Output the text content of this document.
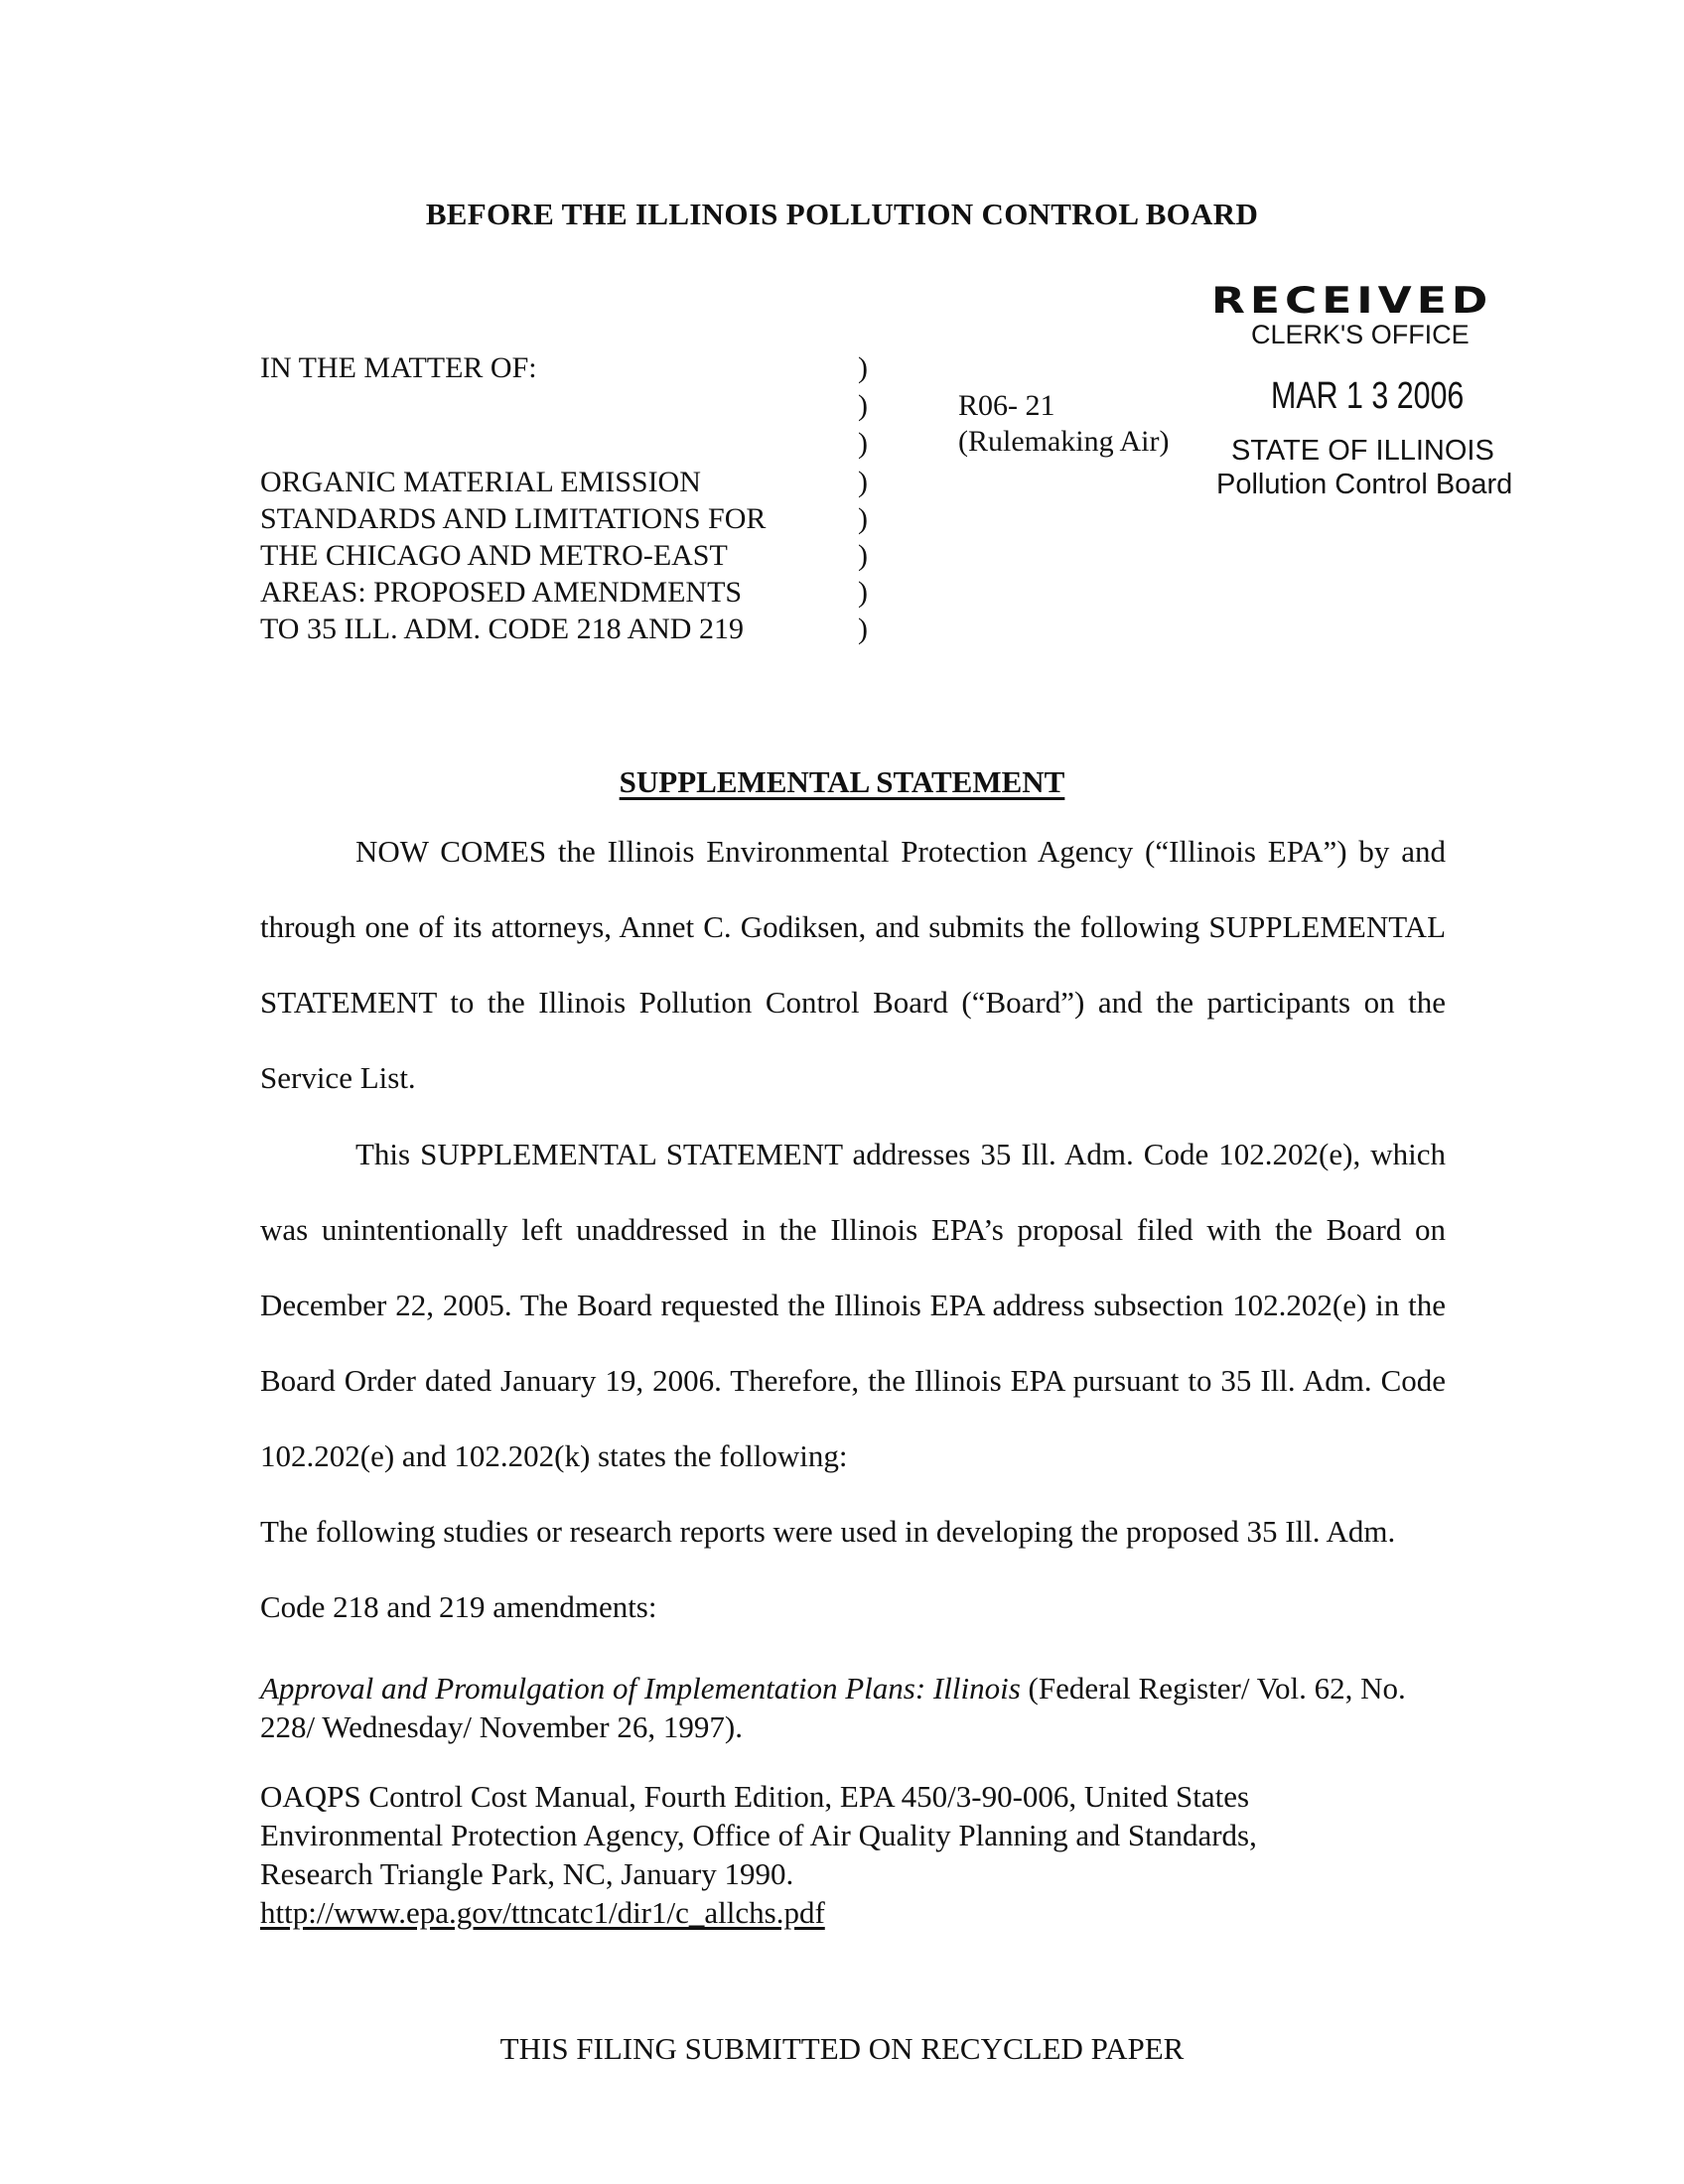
BEFORE THE ILLINOIS POLLUTION CONTROL BOARD
RECEIVED
CLERK'S OFFICE
MAR 1 3 2006
STATE OF ILLINOIS
Pollution Control Board
IN THE MATTER OF:
ORGANIC MATERIAL EMISSION
STANDARDS AND LIMITATIONS FOR
THE CHICAGO AND METRO-EAST
AREAS: PROPOSED AMENDMENTS
TO 35 ILL. ADM. CODE 218 AND 219
)
)
)
)
)
)
)
)
R06- 21
(Rulemaking Air)
SUPPLEMENTAL STATEMENT

NOW COMES the Illinois Environmental Protection Agency (“Illinois EPA”) by and through one of its attorneys, Annet C. Godiksen, and submits the following SUPPLEMENTAL STATEMENT to the Illinois Pollution Control Board (“Board”) and the participants on the Service List.

This SUPPLEMENTAL STATEMENT addresses 35 Ill. Adm. Code 102.202(e), which was unintentionally left unaddressed in the Illinois EPA’s proposal filed with the Board on December 22, 2005. The Board requested the Illinois EPA address subsection 102.202(e) in the Board Order dated January 19, 2006. Therefore, the Illinois EPA pursuant to 35 Ill. Adm. Code 102.202(e) and 102.202(k) states the following:

The following studies or research reports were used in developing the proposed 35 Ill. Adm. Code 218 and 219 amendments:

Approval and Promulgation of Implementation Plans: Illinois (Federal Register/ Vol. 62, No. 228/ Wednesday/ November 26, 1997).

OAQPS Control Cost Manual, Fourth Edition, EPA 450/3-90-006, United States
Environmental Protection Agency, Office of Air Quality Planning and Standards,
Research Triangle Park, NC, January 1990.
http://www.epa.gov/ttncatc1/dir1/c_allchs.pdf
THIS FILING SUBMITTED ON RECYCLED PAPER
